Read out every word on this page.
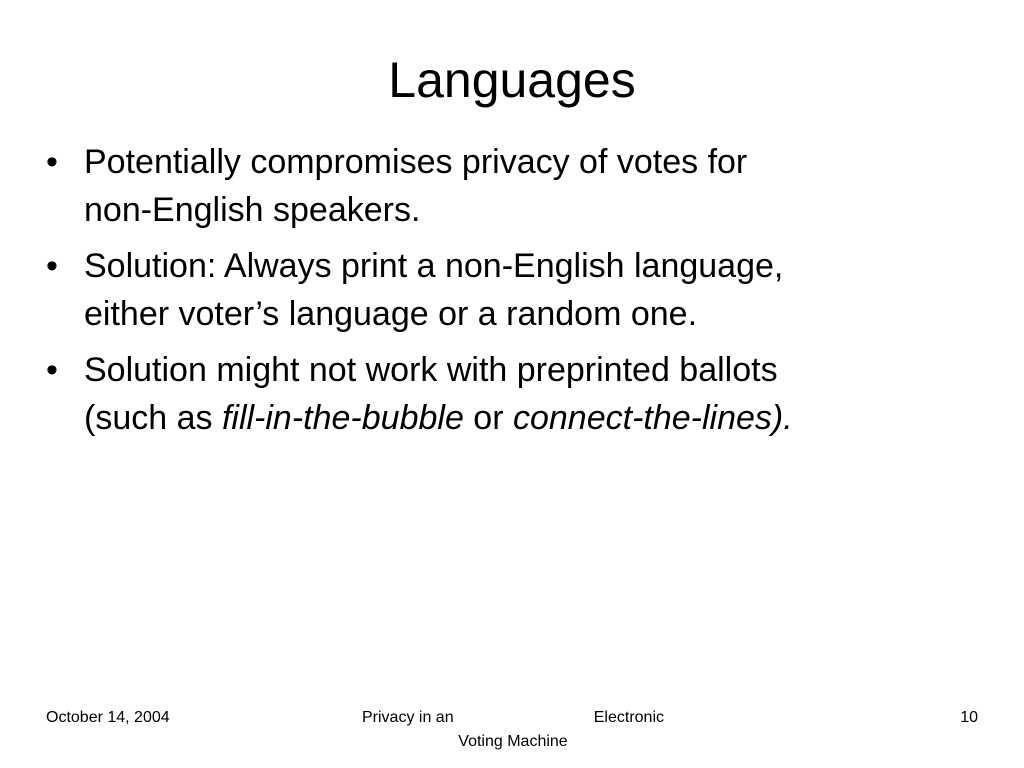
Languages
• Potentially compromises privacy of votes for
non-English speakers.
• Solution: Always print a non-English language,
either voter’s language or a random one.
• Solution might not work with preprinted ballots
(such as fill-in-the-bubble or connect-the-lines).
October 14, 2004	Privacy in an	Electronic
Voting Machine
10
